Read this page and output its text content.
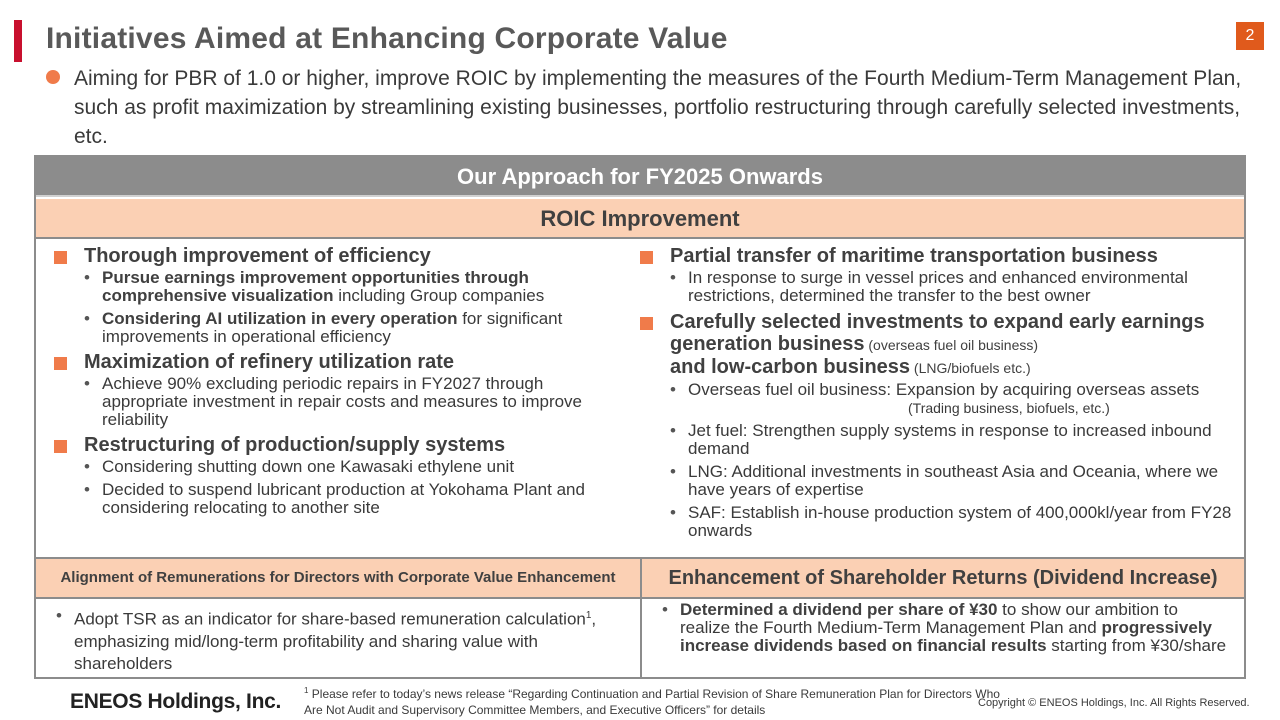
Initiatives Aimed at Enhancing Corporate Value	2
Aiming for PBR of 1.0 or higher, improve ROIC by implementing the measures of the Fourth Medium-Term Management Plan, such as profit maximization by streamlining existing businesses, portfolio restructuring through carefully selected investments, etc.
Our Approach for FY2025 Onwards
ROIC Improvement
Thorough improvement of efficiency
• Pursue earnings improvement opportunities through comprehensive visualization including Group companies
• Considering AI utilization in every operation for significant improvements in operational efficiency
Maximization of refinery utilization rate
• Achieve 90% excluding periodic repairs in FY2027 through appropriate investment in repair costs and measures to improve reliability
Restructuring of production/supply systems
• Considering shutting down one Kawasaki ethylene unit
• Decided to suspend lubricant production at Yokohama Plant and considering relocating to another site
Partial transfer of maritime transportation business
• In response to surge in vessel prices and enhanced environmental restrictions, determined the transfer to the best owner
Carefully selected investments to expand early earnings generation business (overseas fuel oil business)
and low-carbon business (LNG/biofuels etc.)
• Overseas fuel oil business: Expansion by acquiring overseas assets
(Trading business, biofuels, etc.)
• Jet fuel: Strengthen supply systems in response to increased inbound demand
• LNG: Additional investments in southeast Asia and Oceania, where we have years of expertise
• SAF: Establish in-house production system of 400,000kl/year from FY28 onwards
Alignment of Remunerations for Directors with Corporate Value Enhancement	Enhancement of Shareholder Returns (Dividend Increase)
• Adopt TSR as an indicator for share-based remuneration calculation$^1$, emphasizing mid/long-term profitability and sharing value with shareholders
• Determined a dividend per share of ¥30 to show our ambition to realize the Fourth Medium-Term Management Plan and progressively increase dividends based on financial results starting from ¥30/share
ENEOS Holdings, Inc.	$^1$ Please refer to today’s news release “Regarding Continuation and Partial Revision of Share Remuneration Plan for Directors Who Are Not Audit and Supervisory Committee Members, and Executive Officers” for details	Copyright © ENEOS Holdings, Inc. All Rights Reserved.
